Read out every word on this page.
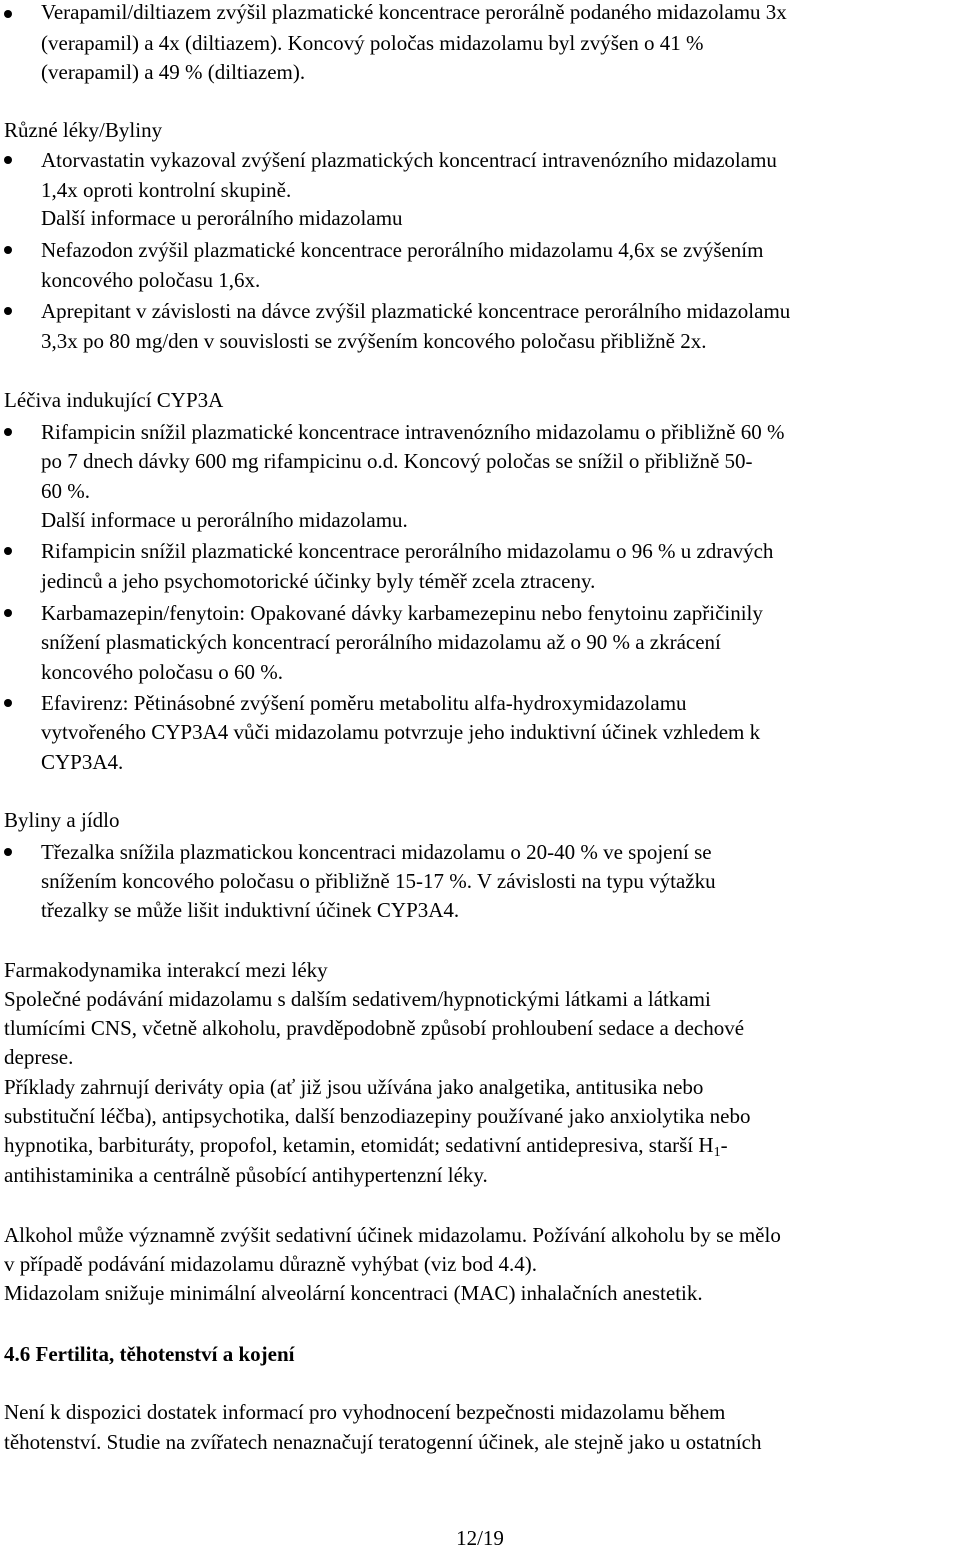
Verapamil/diltiazem zvýšil plazmatické koncentrace perorálně podaného midazolamu 3x
(verapamil) a 4x (diltiazem). Koncový poločas midazolamu byl zvýšen o 41 %
(verapamil) a 49 % (diltiazem).
Různé léky/Byliny
Atorvastatin vykazoval zvýšení plazmatických koncentrací intravenózního midazolamu
1,4x oproti kontrolní skupině.
Další informace u perorálního midazolamu
Nefazodon zvýšil plazmatické koncentrace perorálního midazolamu 4,6x se zvýšením
koncového poločasu 1,6x.
Aprepitant v závislosti na dávce zvýšil plazmatické koncentrace perorálního midazolamu
3,3x po 80 mg/den v souvislosti se zvýšením koncového poločasu přibližně 2x.
Léčiva indukující CYP3A
Rifampicin snížil plazmatické koncentrace intravenózního midazolamu o přibližně 60 %
po 7 dnech dávky 600 mg rifampicinu o.d. Koncový poločas se snížil o přibližně 50-
60 %.
Další informace u perorálního midazolamu.
Rifampicin snížil plazmatické koncentrace perorálního midazolamu o 96 % u zdravých
jedinců a jeho psychomotorické účinky byly téměř zcela ztraceny.
Karbamazepin/fenytoin: Opakované dávky karbamezepinu nebo fenytoinu zapřičinily
snížení plasmatických koncentrací perorálního midazolamu až o 90 % a zkrácení
koncového poločasu o 60 %.
Efavirenz: Pětinásobné zvýšení poměru metabolitu alfa-hydroxymidazolamu
vytvořeného CYP3A4 vůči midazolamu potvrzuje jeho induktivní účinek vzhledem k
CYP3A4.
Byliny a jídlo
Třezalka snížila plazmatickou koncentraci midazolamu o 20-40 % ve spojení se
snížením koncového poločasu o přibližně 15-17 %. V závislosti na typu výtažku
třezalky se může lišit induktivní účinek CYP3A4.
Farmakodynamika interakcí mezi léky
Společné podávání midazolamu s dalším sedativem/hypnotickými látkami a látkami
tlumícími CNS, včetně alkoholu, pravděpodobně způsobí prohloubení sedace a dechové
deprese.
Příklady zahrnují deriváty opia (ať již jsou užívána jako analgetika, antitusika nebo
substituční léčba), antipsychotika, další benzodiazepiny používané jako anxiolytika nebo
hypnotika, barbituráty, propofol, ketamin, etomidát; sedativní antidepresiva, starší $H_1-$
antihistaminika a centrálně působící antihypertenzní léky.
Alkohol může významně zvýšit sedativní účinek midazolamu. Požívání alkoholu by se mělo
v případě podávání midazolamu důrazně vyhýbat (viz bod 4.4).
Midazolam snižuje minimální alveolární koncentraci (MAC) inhalačních anestetik.
4.6 Fertilita, těhotenství a kojení
Není k dispozici dostatek informací pro vyhodnocení bezpečnosti midazolamu během
těhotenství. Studie na zvířatech nenaznačují teratogenní účinek, ale stejně jako u ostatních
12/19
